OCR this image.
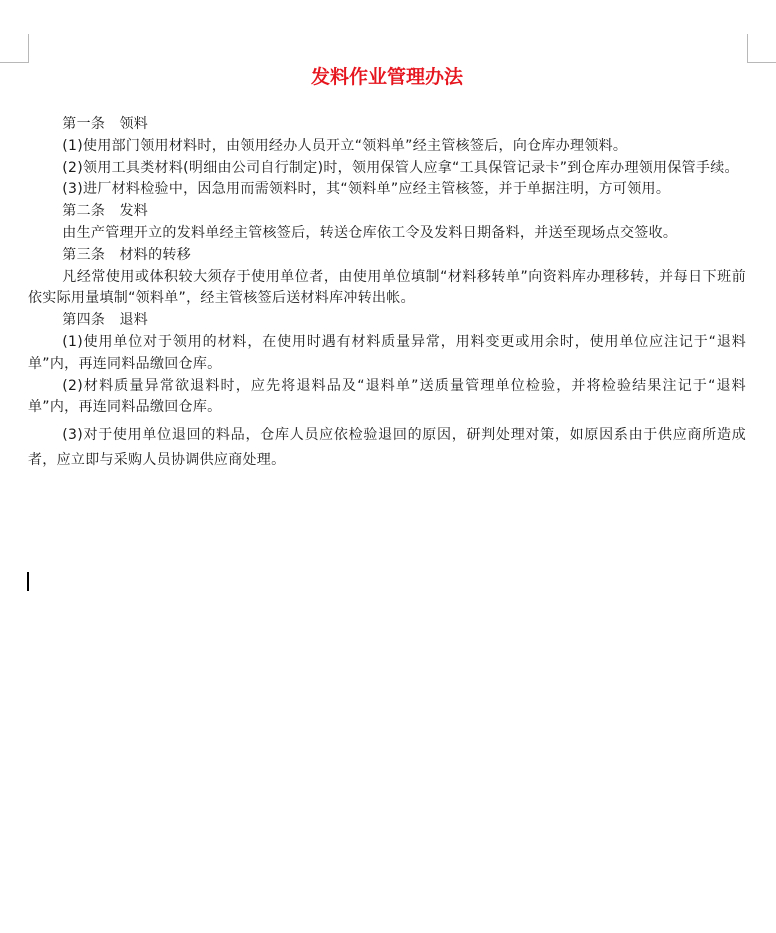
发料作业管理办法

第一条　领料

(1)使用部门领用材料时，由领用经办人员开立“领料单”经主管核签后，向仓库办理领料。

(2)领用工具类材料(明细由公司自行制定)时，领用保管人应拿“工具保管记录卡”到仓库办理领用保管手续。

(3)进厂材料检验中，因急用而需领料时，其“领料单”应经主管核签，并于单据注明，方可领用。

第二条　发料

由生产管理开立的发料单经主管核签后，转送仓库依工令及发料日期备料，并送至现场点交签收。

第三条　材料的转移

凡经常使用或体积较大须存于使用单位者，由使用单位填制“材料移转单”向资料库办理移转，并每日下班前依实际用量填制“领料单”，经主管核签后送材料库冲转出帐。

第四条　退料

(1)使用单位对于领用的材料，在使用时遇有材料质量异常，用料变更或用余时，使用单位应注记于“退料单”内，再连同料品缴回仓库。

(2)材料质量异常欲退料时，应先将退料品及“退料单”送质量管理单位检验，并将检验结果注记于“退料单”内，再连同料品缴回仓库。

(3)对于使用单位退回的料品，仓库人员应依检验退回的原因，研判处理对策，如原因系由于供应商所造成者，应立即与采购人员协调供应商处理。
